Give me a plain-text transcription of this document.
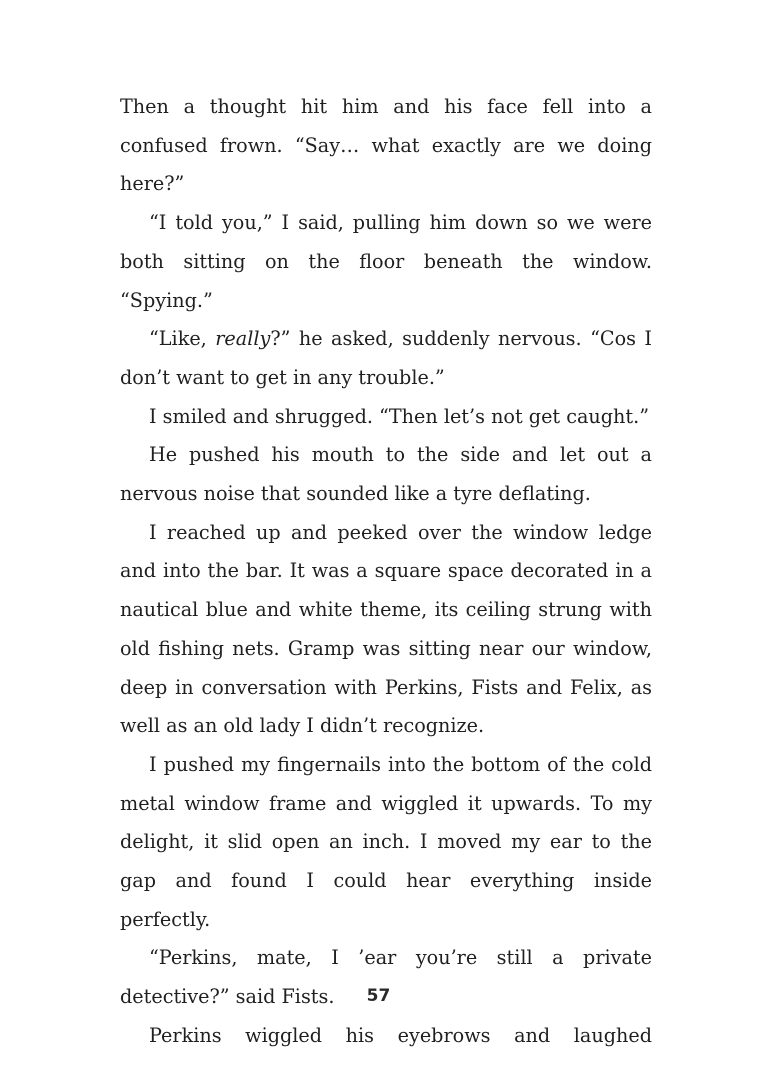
Then a thought hit him and his face fell into a confused frown. “Say… what exactly are we doing here?”

“I told you,” I said, pulling him down so we were both sitting on the floor beneath the window. “Spying.”

“Like, really?” he asked, suddenly nervous. “Cos I don’t want to get in any trouble.”

I smiled and shrugged. “Then let’s not get caught.”

He pushed his mouth to the side and let out a nervous noise that sounded like a tyre deflating.

I reached up and peeked over the window ledge and into the bar. It was a square space decorated in a nautical blue and white theme, its ceiling strung with old fishing nets. Gramp was sitting near our window, deep in conversation with Perkins, Fists and Felix, as well as an old lady I didn’t recognize.

I pushed my fingernails into the bottom of the cold metal window frame and wiggled it upwards. To my delight, it slid open an inch. I moved my ear to the gap and found I could hear everything inside perfectly.

“Perkins, mate, I ’ear you’re still a private detective?” said Fists.

Perkins wiggled his eyebrows and laughed

57
